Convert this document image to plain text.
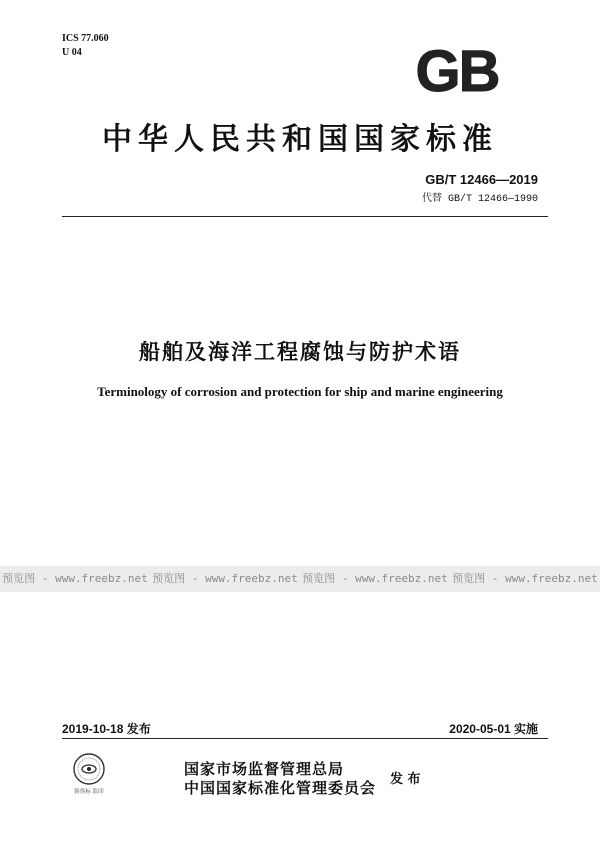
ICS 77.060
U 04	GB
中华人民共和国国家标准
GB/T 12466—2019
代替 GB/T 12466—1990
船舶及海洋工程腐蚀与防护术语
Terminology of corrosion and protection for ship and marine engineering
预览图 - www.freebz.net 预览图 - www.freebz.net 预览图 - www.freebz.net 预览图 - www.freebz.net
2019-10-18 发布	2020-05-01 实施
防伪标 监印
国家市场监督管理总局
中国国家标准化管理委员会 发 布
